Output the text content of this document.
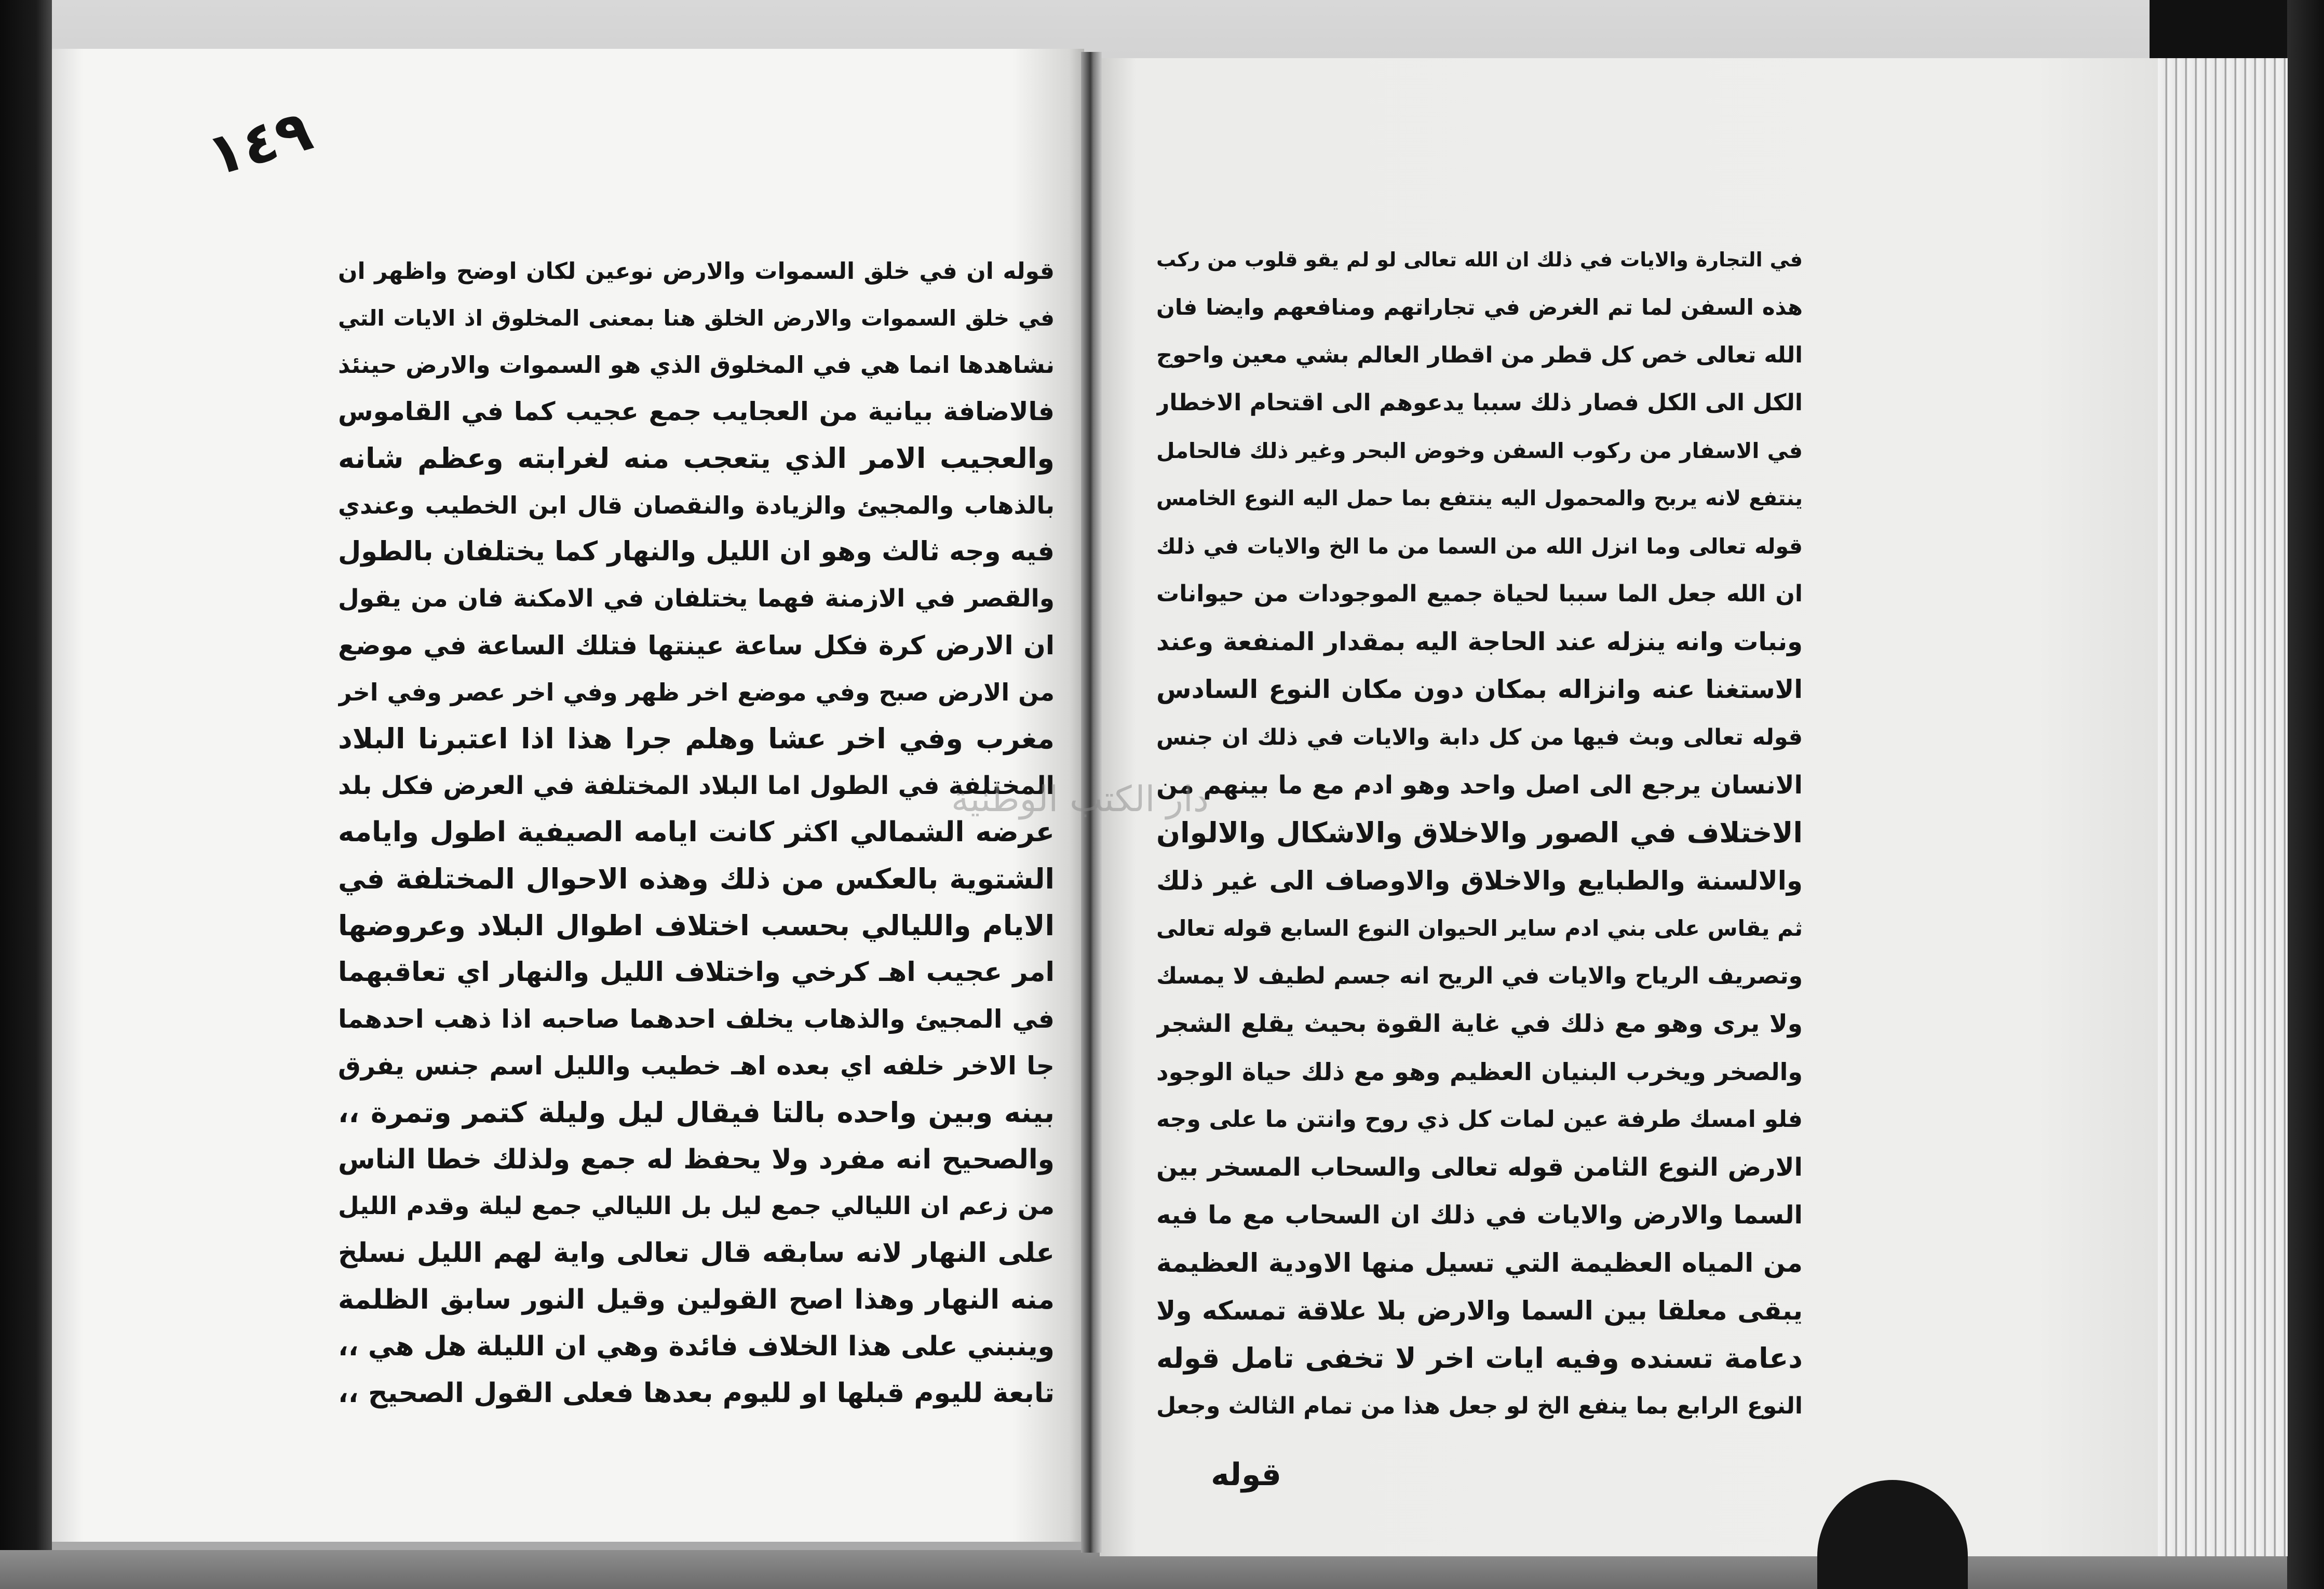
١٤٩
قوله ان في خلق السموات والارض نوعين لكان اوضح واظهر ان
في خلق السموات والارض الخلق هنا بمعنى المخلوق اذ الايات التي
نشاهدها انما هي في المخلوق الذي هو السموات والارض حينئذ
فالاضافة بيانية من العجايب جمع عجيب كما في القاموس
والعجيب الامر الذي يتعجب منه لغرابته وعظم شانه
بالذهاب والمجيئ والزيادة والنقصان قال ابن الخطيب وعندي
فيه وجه ثالث وهو ان الليل والنهار كما يختلفان بالطول
والقصر في الازمنة فهما يختلفان في الامكنة فان من يقول
ان الارض كرة فكل ساعة عينتها فتلك الساعة في موضع
من الارض صبح وفي موضع اخر ظهر وفي اخر عصر وفي اخر
مغرب وفي اخر عشا وهلم جرا هذا اذا اعتبرنا البلاد
المختلفة في الطول اما البلاد المختلفة في العرض فكل بلد
عرضه الشمالي اكثر كانت ايامه الصيفية اطول وايامه
الشتوية بالعكس من ذلك وهذه الاحوال المختلفة في
الايام والليالي بحسب اختلاف اطوال البلاد وعروضها
امر عجيب اهـ كرخي واختلاف الليل والنهار اي تعاقبهما
في المجيئ والذهاب يخلف احدهما صاحبه اذا ذهب احدهما
جا الاخر خلفه اي بعده اهـ خطيب والليل اسم جنس يفرق
بينه وبين واحده بالتا فيقال ليل وليلة كتمر وتمرة ،،
والصحيح انه مفرد ولا يحفظ له جمع ولذلك خطا الناس
من زعم ان الليالي جمع ليل بل الليالي جمع ليلة وقدم الليل
على النهار لانه سابقه قال تعالى واية لهم الليل نسلخ
منه النهار وهذا اصح القولين وقيل النور سابق الظلمة
وينبني على هذا الخلاف فائدة وهي ان الليلة هل هي ،،
تابعة لليوم قبلها او لليوم بعدها فعلى القول الصحيح ،،
في التجارة والايات في ذلك ان الله تعالى لو لم يقو قلوب من ركب
هذه السفن لما تم الغرض في تجاراتهم ومنافعهم وايضا فان
الله تعالى خص كل قطر من اقطار العالم بشي معين واحوج
الكل الى الكل فصار ذلك سببا يدعوهم الى اقتحام الاخطار
في الاسفار من ركوب السفن وخوض البحر وغير ذلك فالحامل
ينتفع لانه يربح والمحمول اليه ينتفع بما حمل اليه النوع الخامس
قوله تعالى وما انزل الله من السما من ما الخ والايات في ذلك
ان الله جعل الما سببا لحياة جميع الموجودات من حيوانات
ونبات وانه ينزله عند الحاجة اليه بمقدار المنفعة وعند
الاستغنا عنه وانزاله بمكان دون مكان النوع السادس
قوله تعالى وبث فيها من كل دابة والايات في ذلك ان جنس
الانسان يرجع الى اصل واحد وهو ادم مع ما بينهم من
الاختلاف في الصور والاخلاق والاشكال والالوان
والالسنة والطبايع والاخلاق والاوصاف الى غير ذلك
ثم يقاس على بني ادم ساير الحيوان النوع السابع قوله تعالى
وتصريف الرياح والايات في الريح انه جسم لطيف لا يمسك
ولا يرى وهو مع ذلك في غاية القوة بحيث يقلع الشجر
والصخر ويخرب البنيان العظيم وهو مع ذلك حياة الوجود
فلو امسك طرفة عين لمات كل ذي روح وانتن ما على وجه
الارض النوع الثامن قوله تعالى والسحاب المسخر بين
السما والارض والايات في ذلك ان السحاب مع ما فيه
من المياه العظيمة التي تسيل منها الاودية العظيمة
يبقى معلقا بين السما والارض بلا علاقة تمسكه ولا
دعامة تسنده وفيه ايات اخر لا تخفى تامل قوله
النوع الرابع بما ينفع الخ لو جعل هذا من تمام الثالث وجعل
قوله
دار الكتب الوطنية
